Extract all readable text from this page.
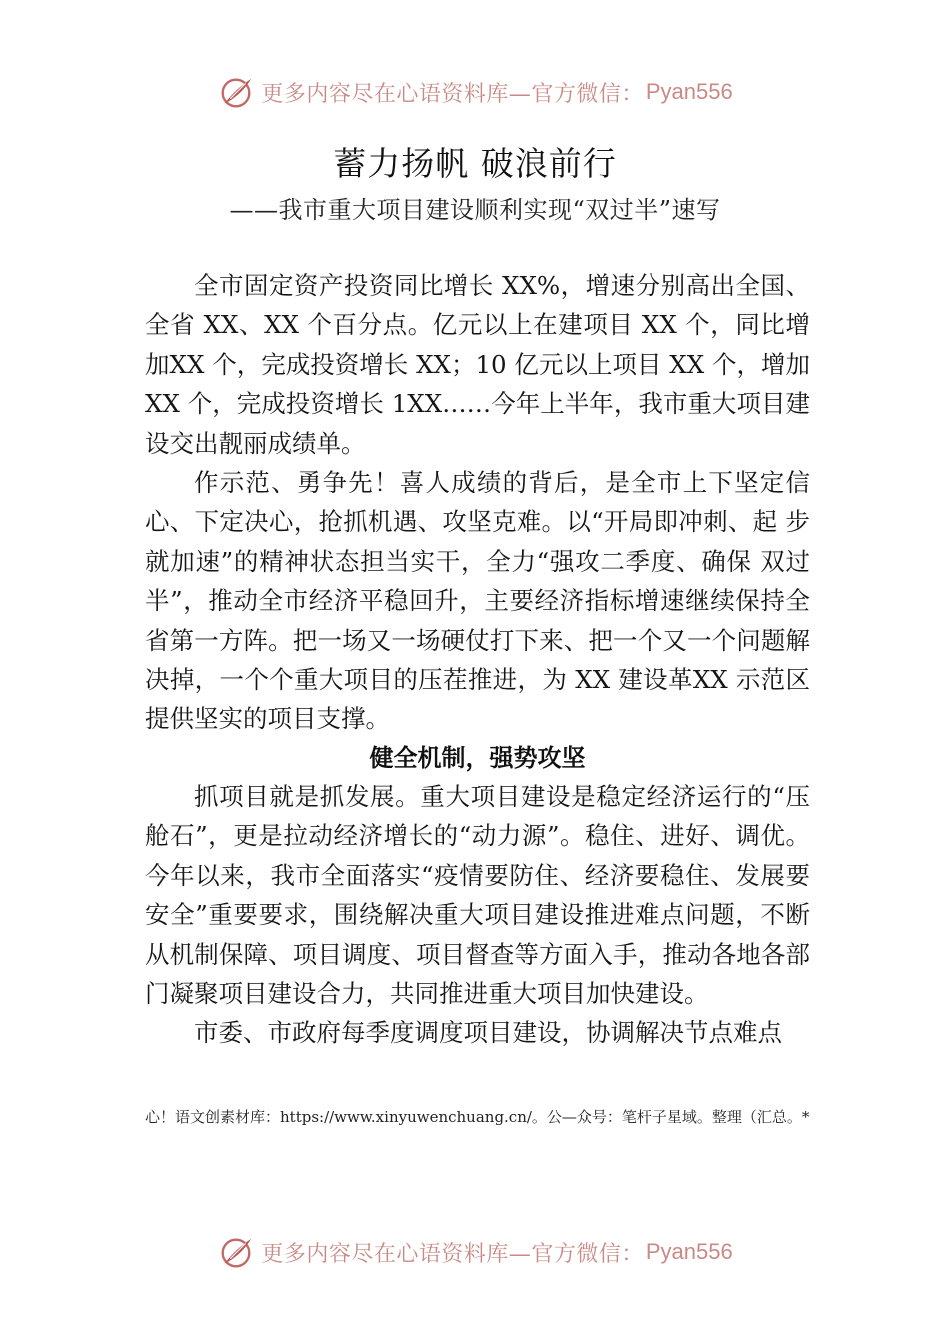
更多内容尽在心语资料库—官方微信： Pyan556
蓄力扬帆 破浪前行
——我市重大项目建设顺利实现“双过半”速写

全市固定资产投资同比增长 XX%，增速分别高出全国、全省 XX、XX 个百分点。亿元以上在建项目 XX 个，同比增加XX 个，完成投资增长 XX；10 亿元以上项目 XX 个，增加XX 个，完成投资增长 1XX……今年上半年，我市重大项目建设交出靓丽成绩单。

作示范、勇争先！喜人成绩的背后，是全市上下坚定信心、下定决心，抢抓机遇、攻坚克难。以“开局即冲刺、起 步就加速”的精神状态担当实干，全力“强攻二季度、确保 双过半”，推动全市经济平稳回升，主要经济指标增速继续保持全省第一方阵。把一场又一场硬仗打下来、把一个又一个问题解决掉，一个个重大项目的压茬推进，为 XX 建设革XX 示范区提供坚实的项目支撑。

健全机制，强势攻坚

抓项目就是抓发展。重大项目建设是稳定经济运行的“压舱石”，更是拉动经济增长的“动力源”。稳住、进好、调优。今年以来，我市全面落实“疫情要防住、经济要稳住、发展要安全”重要要求，围绕解决重大项目建设推进难点问题，不断从机制保障、项目调度、项目督查等方面入手，推动各地各部门凝聚项目建设合力，共同推进重大项目加快建设。

市委、市政府每季度调度项目建设，协调解决节点难点

心！语文创素材库：https://www.xinyuwenchuang.cn/。公—众号：笔杆子星域。整理（汇总。*
更多内容尽在心语资料库—官方微信： Pyan556
